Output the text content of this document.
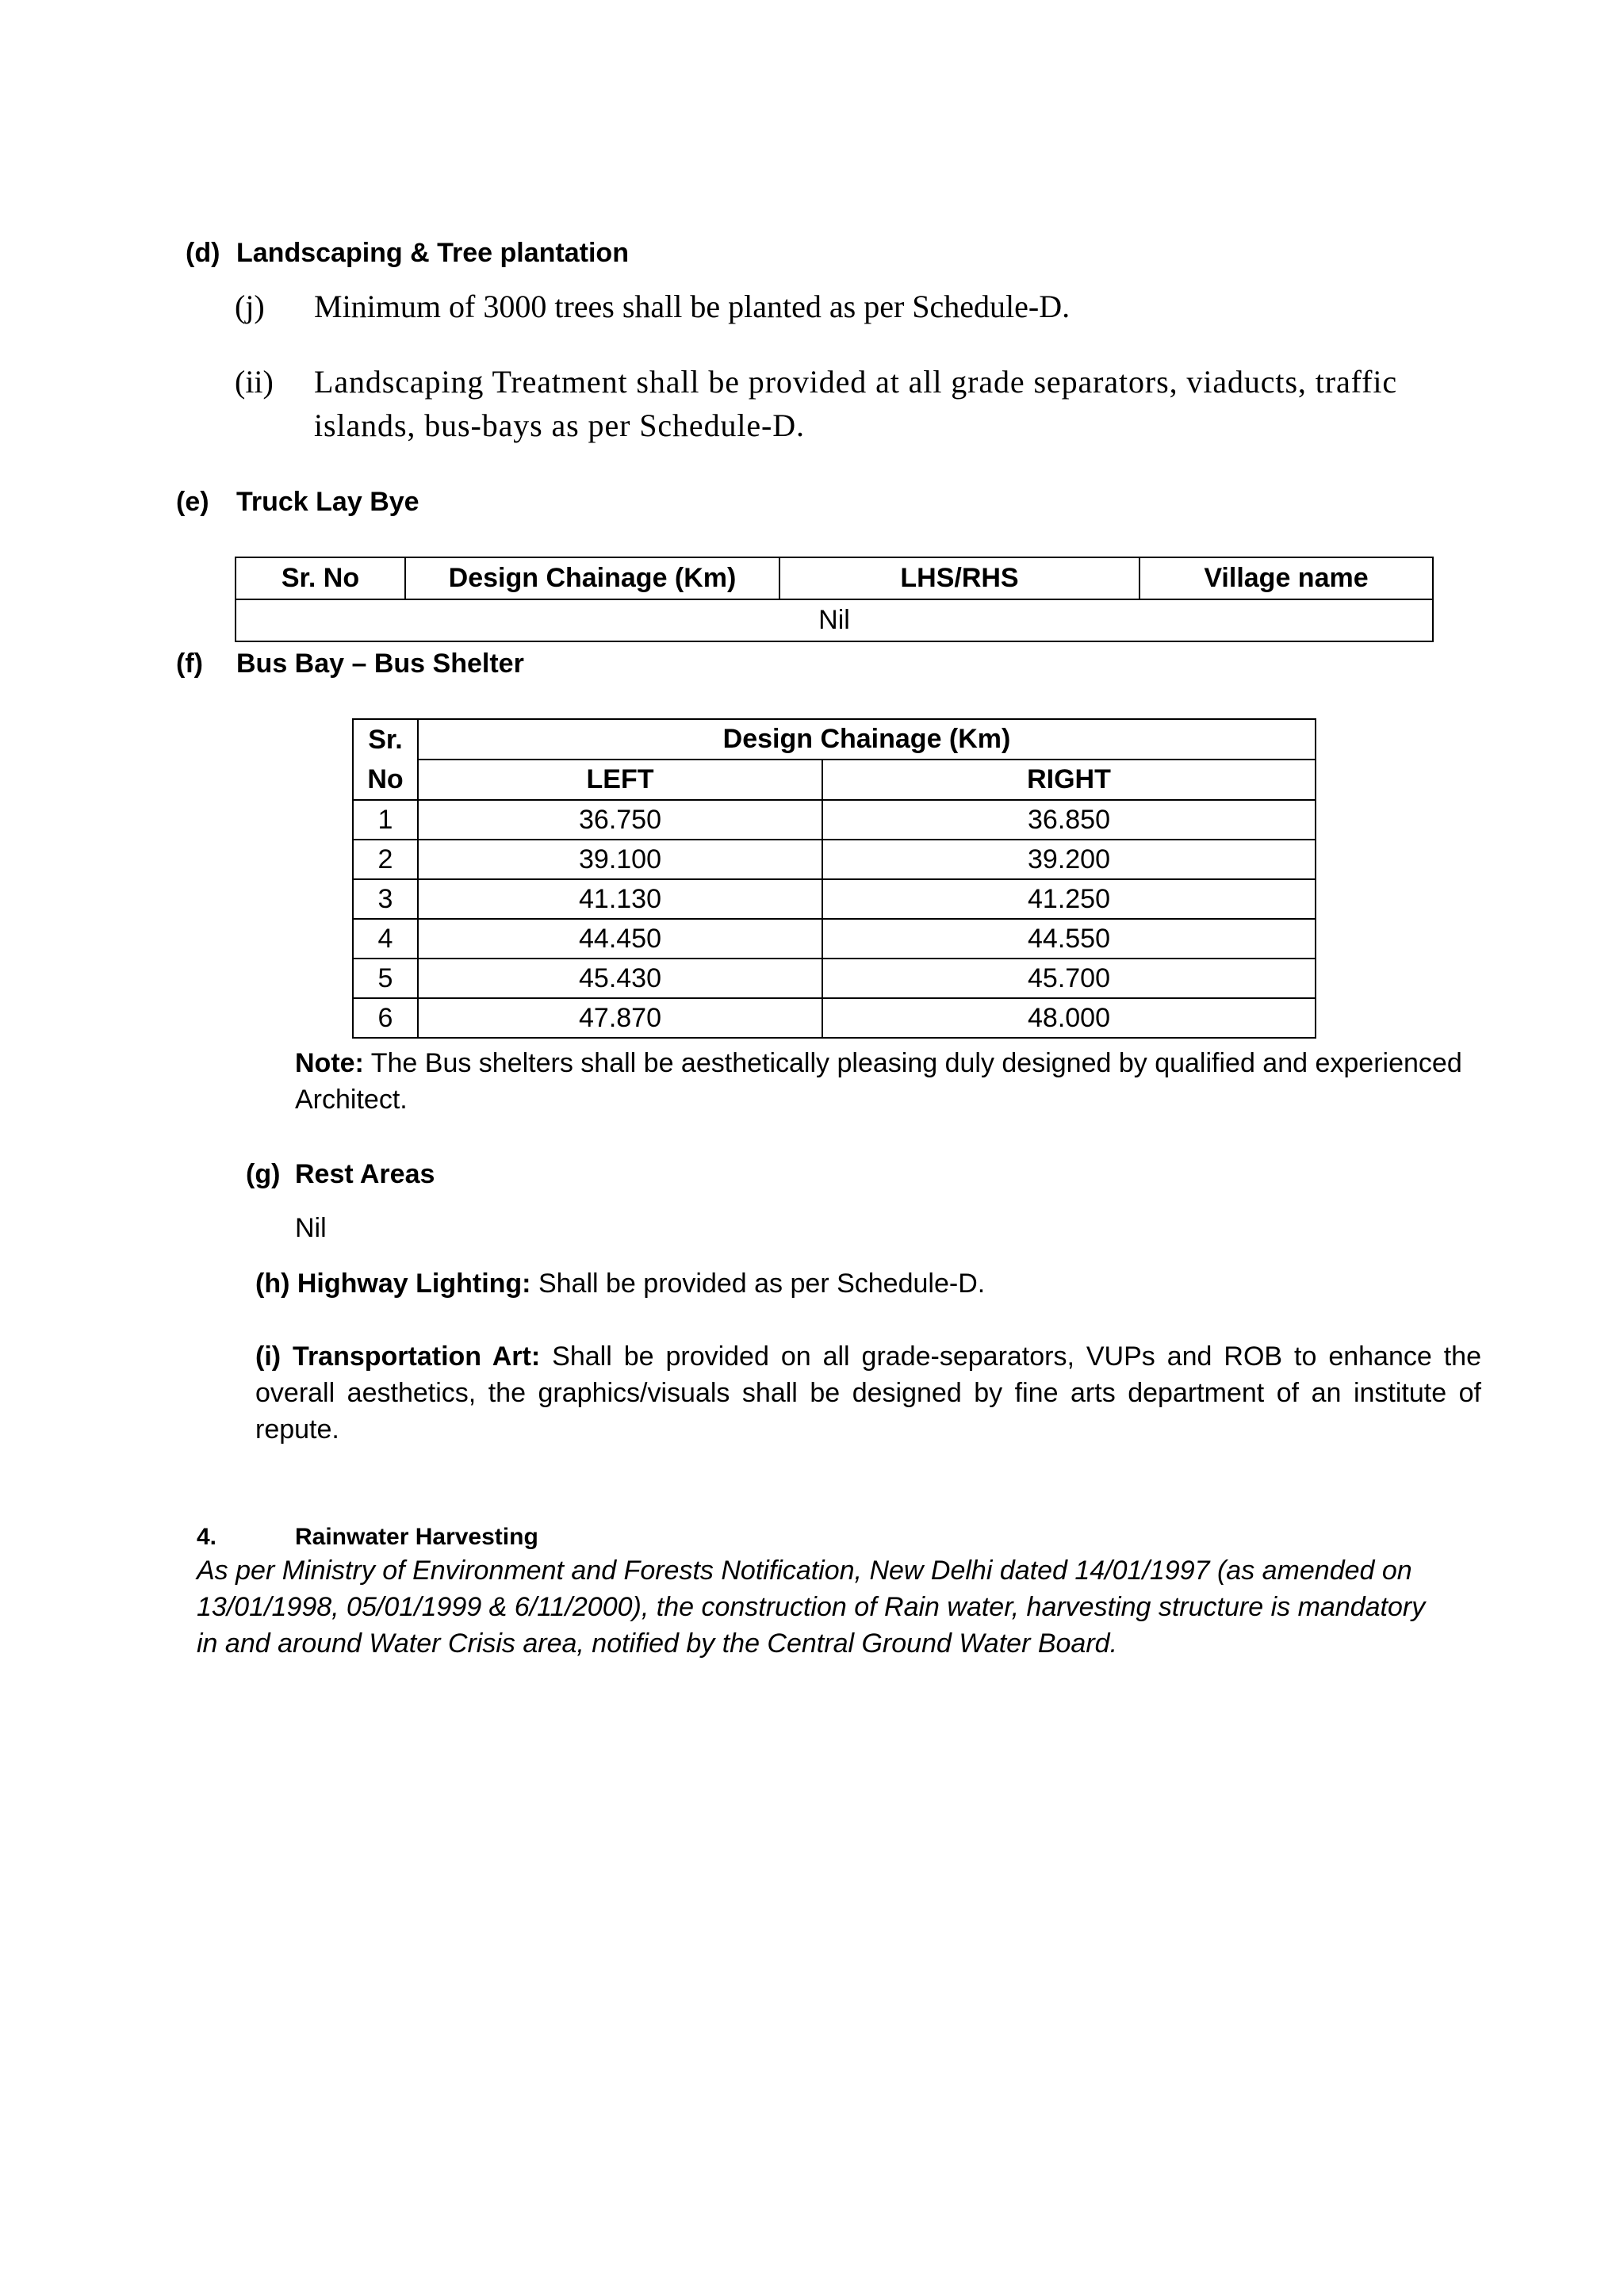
(d) Landscaping & Tree plantation
(j) Minimum of 3000 trees shall be planted as per Schedule-D.
(ii) Landscaping Treatment shall be provided at all grade separators, viaducts, traffic
islands, bus-bays as per Schedule-D.
(e) Truck Lay Bye
Sr. No	Design Chainage (Km)	LHS/RHS	Village name
Nil
(f) Bus Bay – Bus Shelter
Sr.
No	Design Chainage (Km)	
	LEFT	RIGHT
1	36.750	36.850
2	39.100	39.200
3	41.130	41.250
4	44.450	44.550
5	45.430	45.700
6	47.870	48.000
Note: The Bus shelters shall be aesthetically pleasing duly designed by qualified and experienced
Architect.
(g) Rest Areas
Nil
(h) Highway Lighting: Shall be provided as per Schedule-D.
(i) Transportation Art: Shall be provided on all grade-separators, VUPs and ROB to enhance the
overall aesthetics, the graphics/visuals shall be designed by fine arts department of an institute of
repute.
4.	Rainwater Harvesting
As per Ministry of Environment and Forests Notification, New Delhi dated 14/01/1997 (as amended on
13/01/1998, 05/01/1999 & 6/11/2000), the construction of Rain water, harvesting structure is mandatory
in and around Water Crisis area, notified by the Central Ground Water Board.
